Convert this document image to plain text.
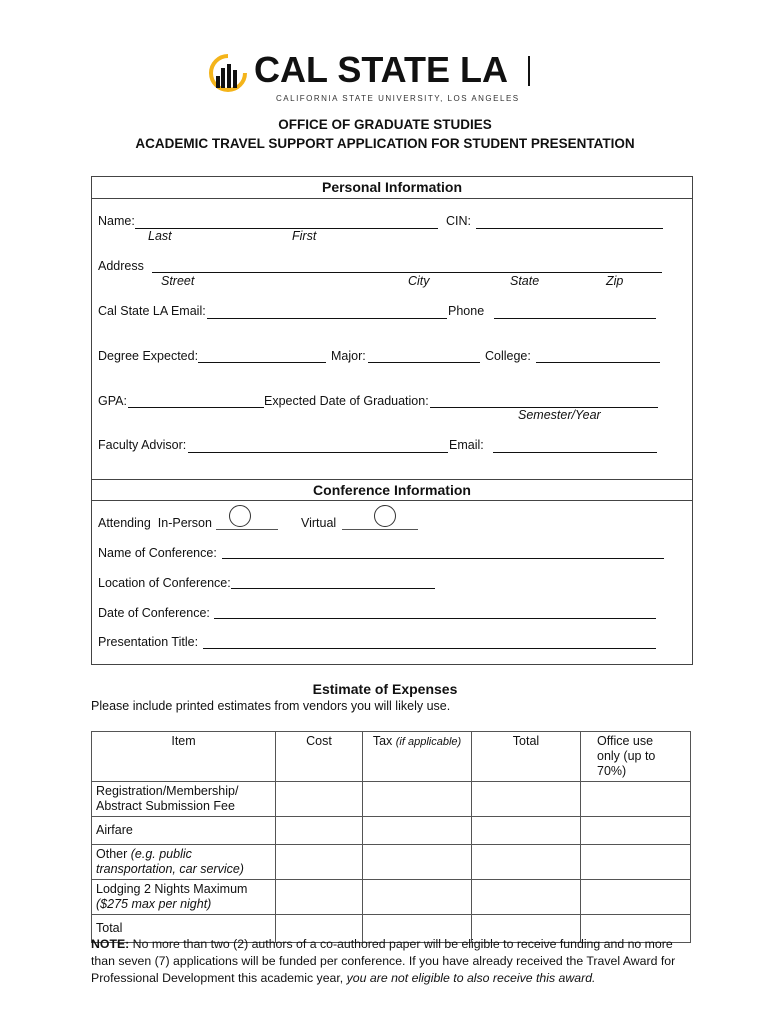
CAL STATE LA
CALIFORNIA STATE UNIVERSITY, LOS ANGELES
OFFICE OF GRADUATE STUDIES
ACADEMIC TRAVEL SUPPORT APPLICATION FOR STUDENT PRESENTATION
Personal Information
Name:
Last	First
CIN:
Address
Street	City	State	Zip
Cal State LA Email:	Phone
Degree Expected:	Major:	College:
GPA:	Expected Date of Graduation:
Semester/Year
Faculty Advisor:	Email:
Conference Information
Attending  In-Person	Virtual
Name of Conference:
Location of Conference:
Date of Conference:
Presentation Title:
Estimate of Expenses
Please include printed estimates from vendors you will likely use.
Item	Cost	Tax (if applicable)	Total	Office use only (up to 70%)
Registration/Membership/ Abstract Submission Fee				
Airfare				
Other (e.g. public transportation, car service)				

Lodging 2 Nights Maximum
($275 max per night)				

Total				
NOTE: No more than two (2) authors of a co-authored paper will be eligible to receive funding and no more than seven (7) applications will be funded per conference. If you have already received the Travel Award for Professional Development this academic year, you are not eligible to also receive this award.
